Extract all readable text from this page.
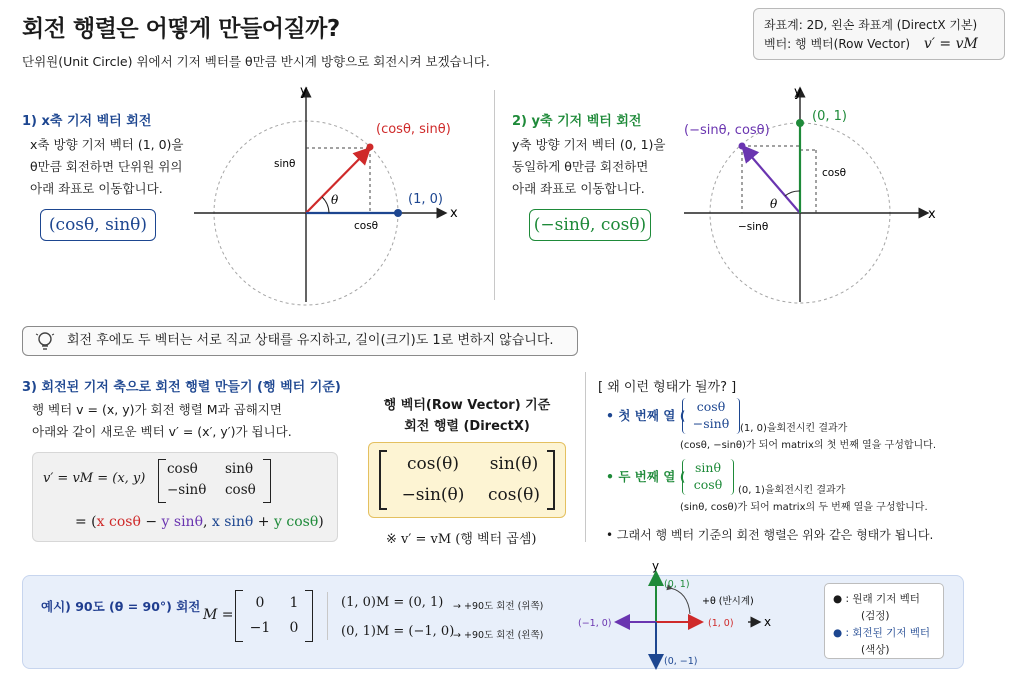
회전 행렬은 어떻게 만들어질까?
단위원(Unit Circle) 위에서 기저 벡터를 θ만큼 반시계 방향으로 회전시켜 보겠습니다.
좌표계: 2D, 왼손 좌표계 (DirectX 기본)
벡터: 행 벡터(Row Vector) v′ = vM
1) x축 기저 벡터 회전
x축 방향 기저 벡터 (1, 0)을
θ만큼 회전하면 단위원 위의
아래 좌표로 이동합니다.
(cosθ, sinθ)
x
y
θ
(cosθ, sinθ)
(1, 0)
sinθ
cosθ
2) y축 기저 벡터 회전
y축 방향 기저 벡터 (0, 1)을
동일하게 θ만큼 회전하면
아래 좌표로 이동합니다.
(−sinθ, cosθ)
x
y
θ
(−sinθ, cosθ)
(0, 1)
cosθ
−sinθ
회전 후에도 두 벡터는 서로 직교 상태를 유지하고, 길이(크기)도 1로 변하지 않습니다.
3) 회전된 기저 축으로 회전 행렬 만들기 (행 벡터 기준)
행 벡터 v = (x, y)가 회전 행렬 M과 곱해지면
아래와 같이 새로운 벡터 v′ = (x′, y′)가 됩니다.
v′ = vM = (x, y)
cosθ sinθ
−sinθ cosθ
= (x cosθ − y sinθ, x sinθ + y cosθ)
행 벡터(Row Vector) 기준
회전 행렬 (DirectX)
cos(θ) sin(θ)
−sin(θ) cos(θ)
※ v′ = vM (행 벡터 곱셈)
[ 왜 이런 형태가 될까? ]
• 첫 번째 열 (
cosθ
−sinθ	(1, 0)을회전시킨 결과가
(cosθ, −sinθ)가 되어 matrix의 첫 번째 열을 구성합니다.
• 두 번째 열 (
sinθ
cosθ	(0, 1)을회전시킨 결과가
(sinθ, cosθ)가 되어 matrix의 두 번째 열을 구성합니다.
• 그래서 행 벡터 기준의 회전 행렬은 위와 같은 형태가 됩니다.
예시) 90도 (θ = 90°) 회전
M =
0 1
−1 0
(1, 0)M = (0, 1) → +90도 회전 (위쪽)
(0, 1)M = (−1, 0)
→ +90도 회전 (왼쪽)
y
(0, 1)
(−1, 0)	(1, 0)	x
(0, −1)
+θ (반시계)	● : 원래 기저 벡터
(검정)
● : 회전된 기저 벡터
(색상)
